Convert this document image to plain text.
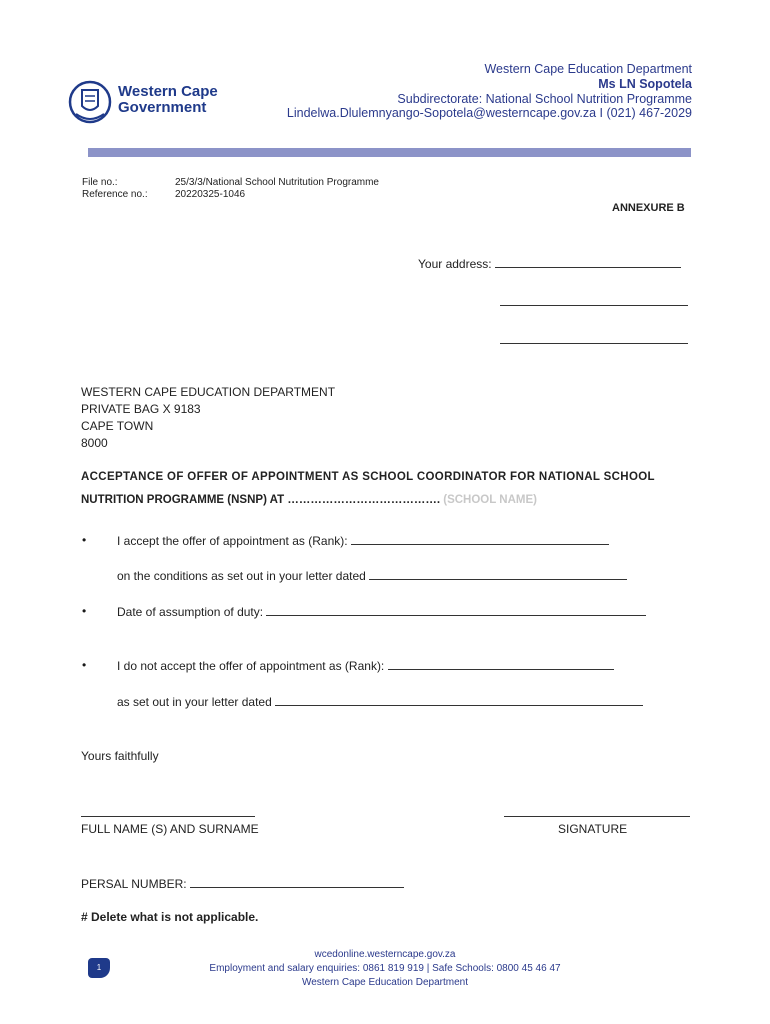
Western Cape
Government
Western Cape Education Department
Ms LN Sopotela
Subdirectorate: National School Nutrition Programme
Lindelwa.Dlulemnyango-Sopotela@westerncape.gov.za I (021) 467-2029
File no.:	25/3/3/National School Nutritution Programme
Reference no.:	20220325-1046
ANNEXURE B
Your address:
WESTERN CAPE EDUCATION DEPARTMENT
PRIVATE BAG X 9183
CAPE TOWN
8000
ACCEPTANCE OF OFFER OF APPOINTMENT AS SCHOOL COORDINATOR FOR NATIONAL SCHOOL
NUTRITION PROGRAMME (NSNP) AT …………………………………. (SCHOOL NAME)
•	I accept the offer of appointment as (Rank):
on the conditions as set out in your letter dated
•	Date of assumption of duty:
•	I do not accept the offer of appointment as (Rank):
as set out in your letter dated
Yours faithfully
FULL NAME (S) AND SURNAME	SIGNATURE
PERSAL NUMBER:
# Delete what is not applicable.
wcedonline.westerncape.gov.za
Employment and salary enquiries: 0861 819 919 | Safe Schools: 0800 45 46 47
Western Cape Education Department
1
